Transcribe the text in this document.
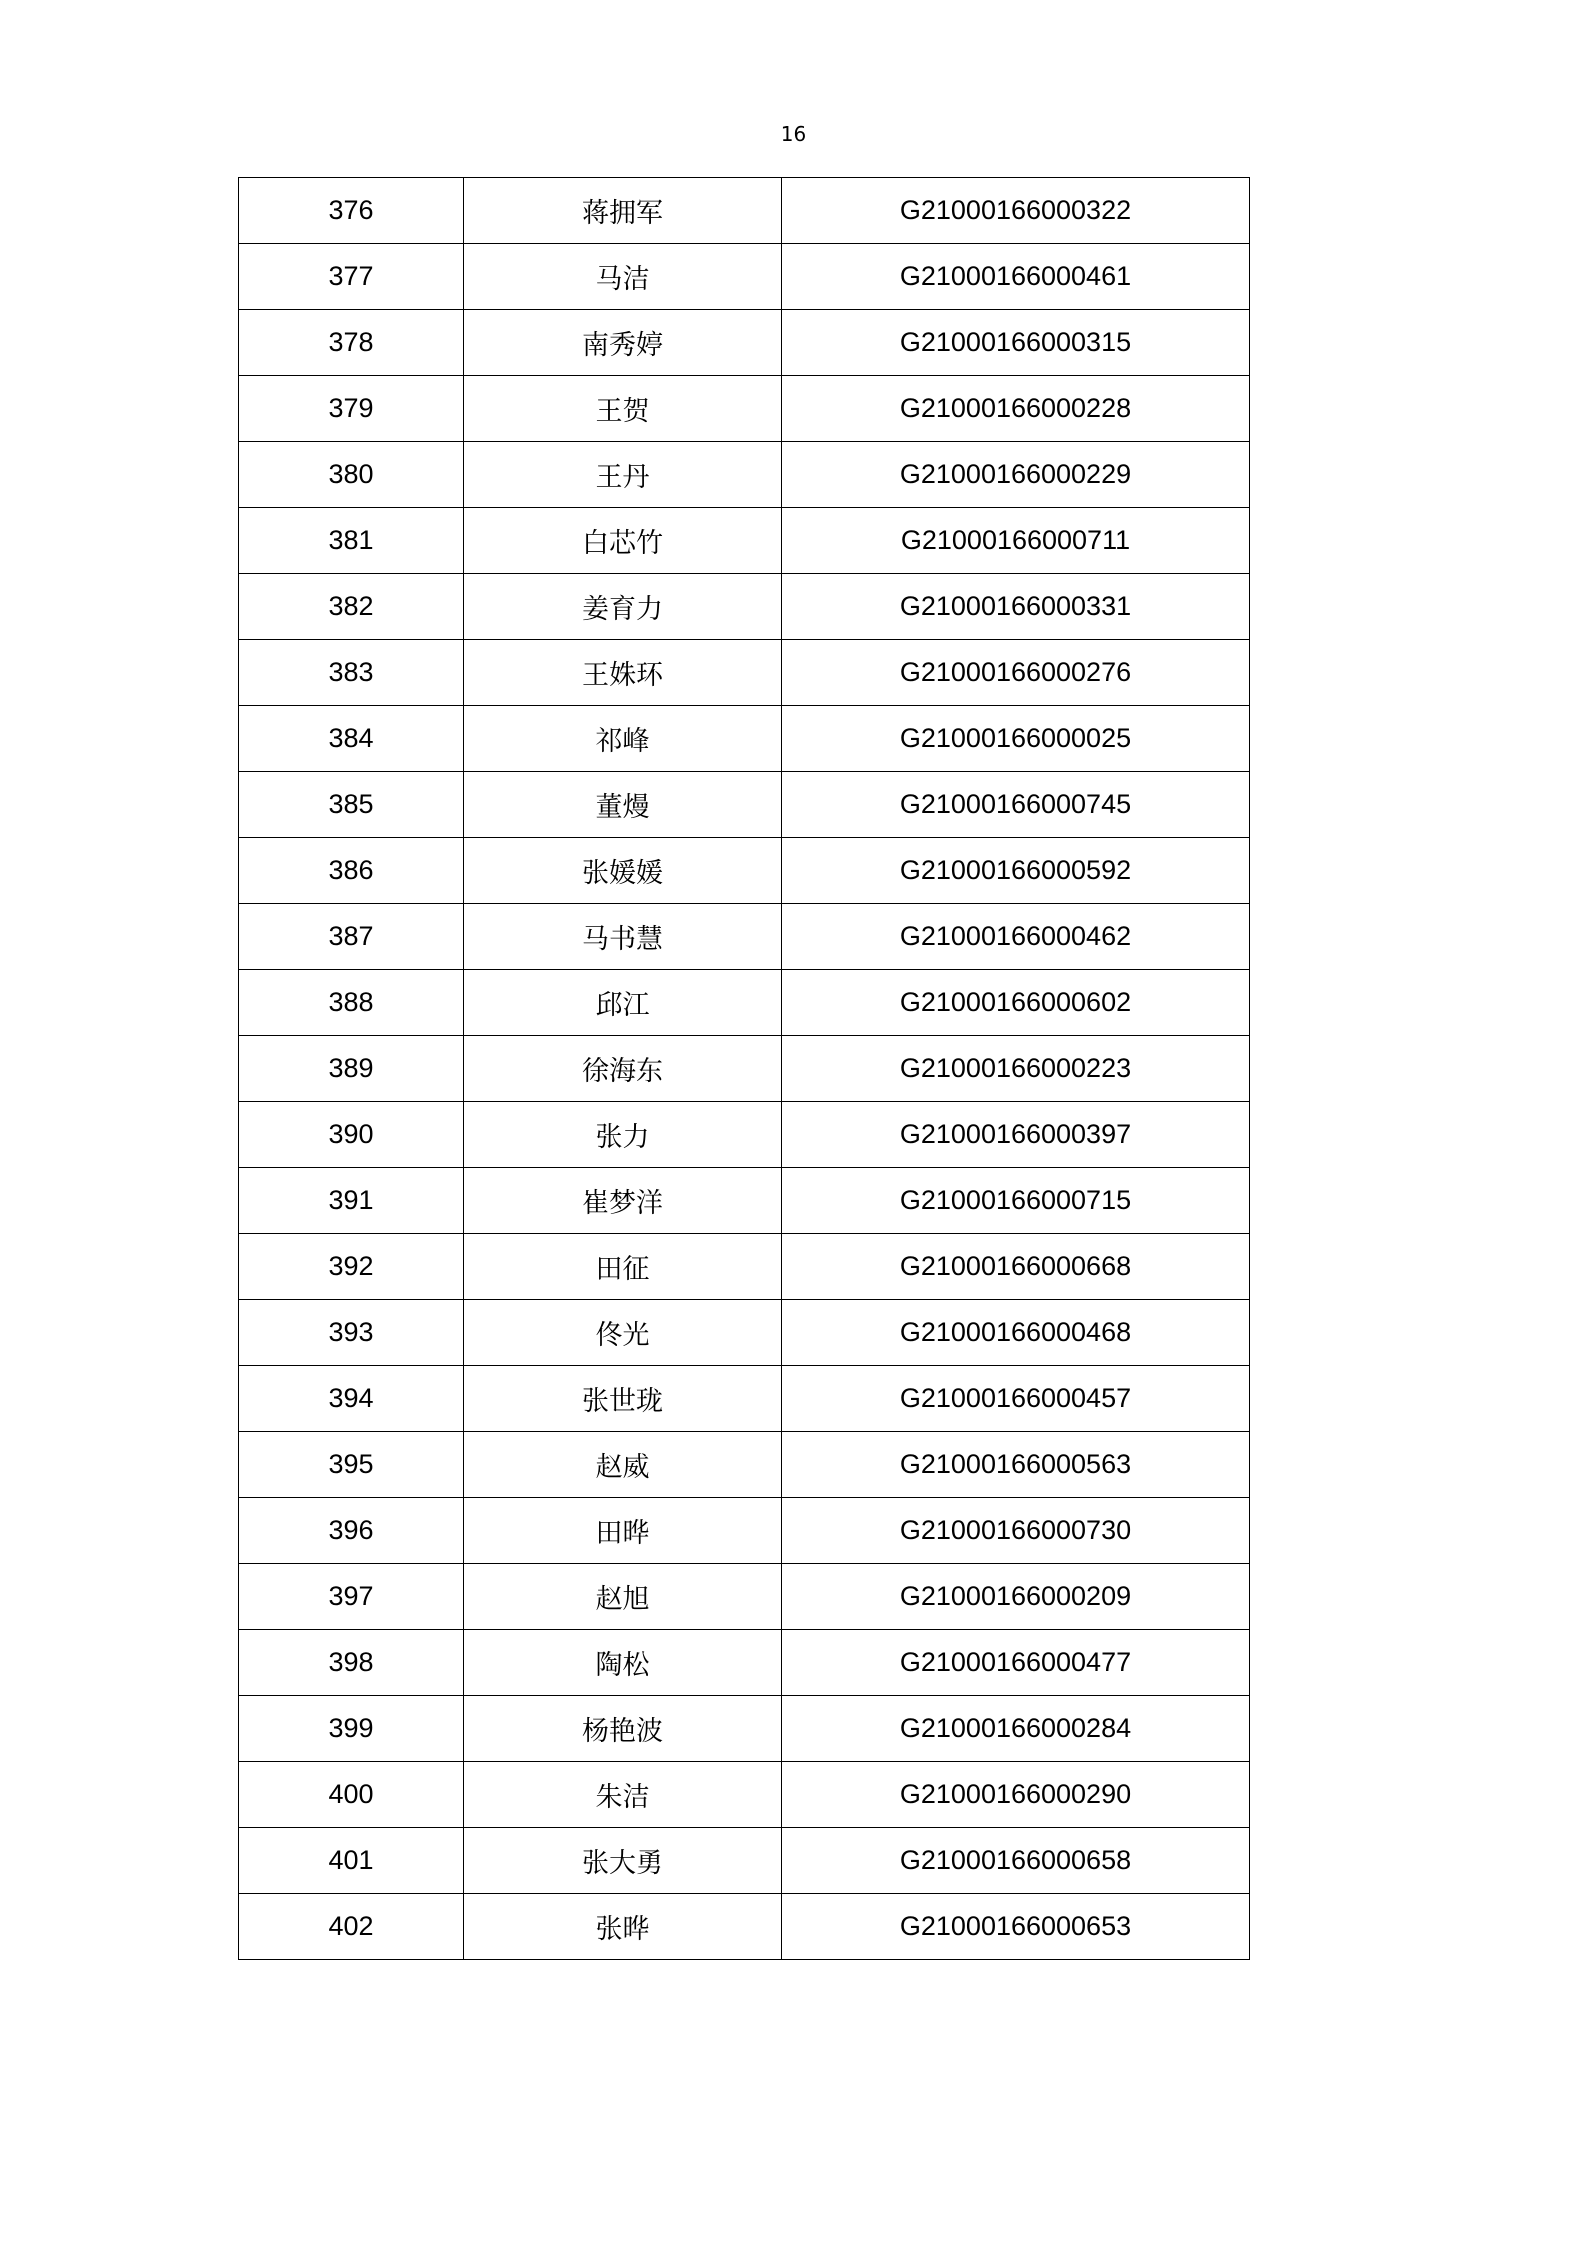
16
376	蒋拥军	G21000166000322
377	马洁	G21000166000461
378	南秀婷	G21000166000315
379	王贺	G21000166000228
380	王丹	G21000166000229
381	白芯竹	G21000166000711
382	姜育力	G21000166000331
383	王姝环	G21000166000276
384	祁峰	G21000166000025
385	董熳	G21000166000745
386	张媛媛	G21000166000592
387	马书慧	G21000166000462
388	邱江	G21000166000602
389	徐海东	G21000166000223
390	张力	G21000166000397
391	崔梦洋	G21000166000715
392	田征	G21000166000668
393	佟光	G21000166000468
394	张世珑	G21000166000457
395	赵威	G21000166000563
396	田晔	G21000166000730
397	赵旭	G21000166000209
398	陶松	G21000166000477
399	杨艳波	G21000166000284
400	朱洁	G21000166000290
401	张大勇	G21000166000658
402	张晔	G21000166000653
